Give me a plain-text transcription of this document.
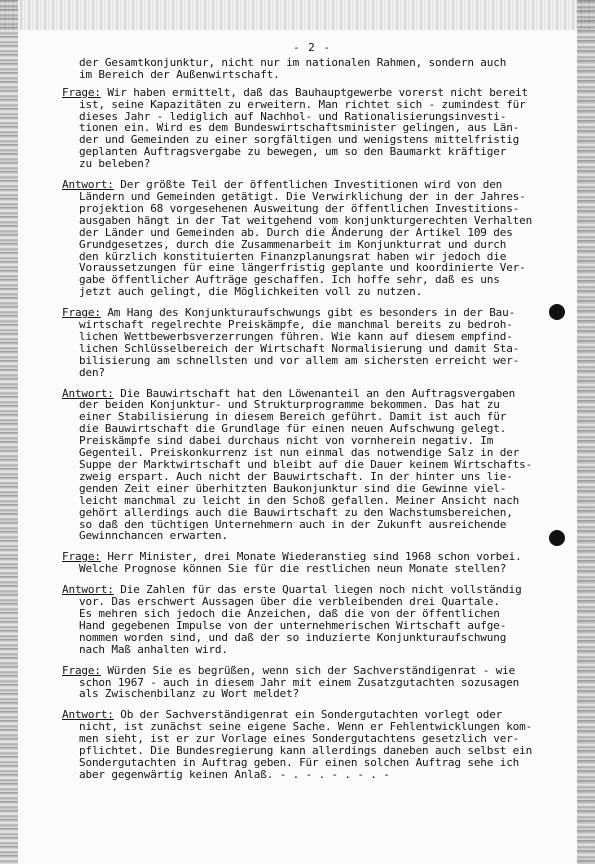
- 2 -
der Gesamtkonjunktur, nicht nur im nationalen Rahmen, sondern auch
im Bereich der Außenwirtschaft.
Frage: Wir haben ermittelt, daß das Bauhauptgewerbe vorerst nicht bereit
ist, seine Kapazitäten zu erweitern. Man richtet sich - zumindest für
dieses Jahr - lediglich auf Nachhol- und Rationalisierungsinvesti-
tionen ein. Wird es dem Bundeswirtschaftsminister gelingen, aus Län-
der und Gemeinden zu einer sorgfältigen und wenigstens mittelfristig
geplanten Auftragsvergabe zu bewegen, um so den Baumarkt kräftiger
zu beleben?
Antwort: Der größte Teil der öffentlichen Investitionen wird von den
Ländern und Gemeinden getätigt. Die Verwirklichung der in der Jahres-
projektion 68 vorgesehenen Ausweitung der öffentlichen Investitions-
ausgaben hängt in der Tat weitgehend vom konjunkturgerechten Verhalten
der Länder und Gemeinden ab. Durch die Änderung der Artikel 109 des
Grundgesetzes, durch die Zusammenarbeit im Konjunkturrat und durch
den kürzlich konstituierten Finanzplanungsrat haben wir jedoch die
Voraussetzungen für eine längerfristig geplante und koordinierte Ver-
gabe öffentlicher Aufträge geschaffen. Ich hoffe sehr, daß es uns
jetzt auch gelingt, die Möglichkeiten voll zu nutzen.
Frage: Am Hang des Konjunkturaufschwungs gibt es besonders in der Bau-
wirtschaft regelrechte Preiskämpfe, die manchmal bereits zu bedroh-
lichen Wettbewerbsverzerrungen führen. Wie kann auf diesem empfind-
lichen Schlüsselbereich der Wirtschaft Normalisierung und damit Sta-
bilisierung am schnellsten und vor allem am sichersten erreicht wer-
den?
Antwort: Die Bauwirtschaft hat den Löwenanteil an den Auftragsvergaben
der beiden Konjunktur- und Strukturprogramme bekommen. Das hat zu
einer Stabilisierung in diesem Bereich geführt. Damit ist auch für
die Bauwirtschaft die Grundlage für einen neuen Aufschwung gelegt.
Preiskämpfe sind dabei durchaus nicht von vornherein negativ. Im
Gegenteil. Preiskonkurrenz ist nun einmal das notwendige Salz in der
Suppe der Marktwirtschaft und bleibt auf die Dauer keinem Wirtschafts-
zweig erspart. Auch nicht der Bauwirtschaft. In der hinter uns lie-
genden Zeit einer überhitzten Baukonjunktur sind die Gewinne viel-
leicht manchmal zu leicht in den Schoß gefallen. Meiner Ansicht nach
gehört allerdings auch die Bauwirtschaft zu den Wachstumsbereichen,
so daß den tüchtigen Unternehmern auch in der Zukunft ausreichende
Gewinnchancen erwarten.
Frage: Herr Minister, drei Monate Wiederanstieg sind 1968 schon vorbei.
Welche Prognose können Sie für die restlichen neun Monate stellen?
Antwort: Die Zahlen für das erste Quartal liegen noch nicht vollständig
vor. Das erschwert Aussagen über die verbleibenden drei Quartale.
Es mehren sich jedoch die Anzeichen, daß die von der öffentlichen
Hand gegebenen Impulse von der unternehmerischen Wirtschaft aufge-
nommen worden sind, und daß der so induzierte Konjunkturaufschwung
nach Maß anhalten wird.
Frage: Würden Sie es begrüßen, wenn sich der Sachverständigenrat - wie
schon 1967 - auch in diesem Jahr mit einem Zusatzgutachten sozusagen
als Zwischenbilanz zu Wort meldet?
Antwort: Ob der Sachverständigenrat ein Sondergutachten vorlegt oder
nicht, ist zunächst seine eigene Sache. Wenn er Fehlentwicklungen kom-
men sieht, ist er zur Vorlage eines Sondergutachtens gesetzlich ver-
pflichtet. Die Bundesregierung kann allerdings daneben auch selbst ein
Sondergutachten in Auftrag geben. Für einen solchen Auftrag sehe ich
aber gegenwärtig keinen Anlaß. - . - . - . - . -
